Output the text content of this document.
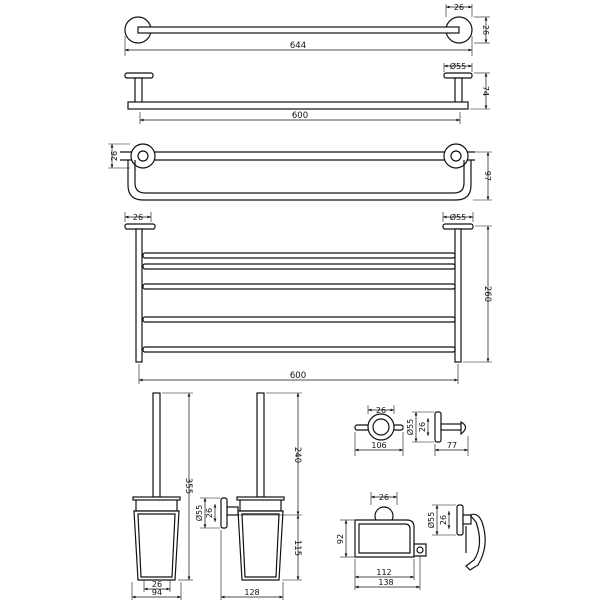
644
26
26
600
Ø55
74
26
97
26	Ø55
260
600
355
26
94
Ø55 26
240
115
128
26
106
Ø55 26
77
26
92
112
138
Ø55 26
